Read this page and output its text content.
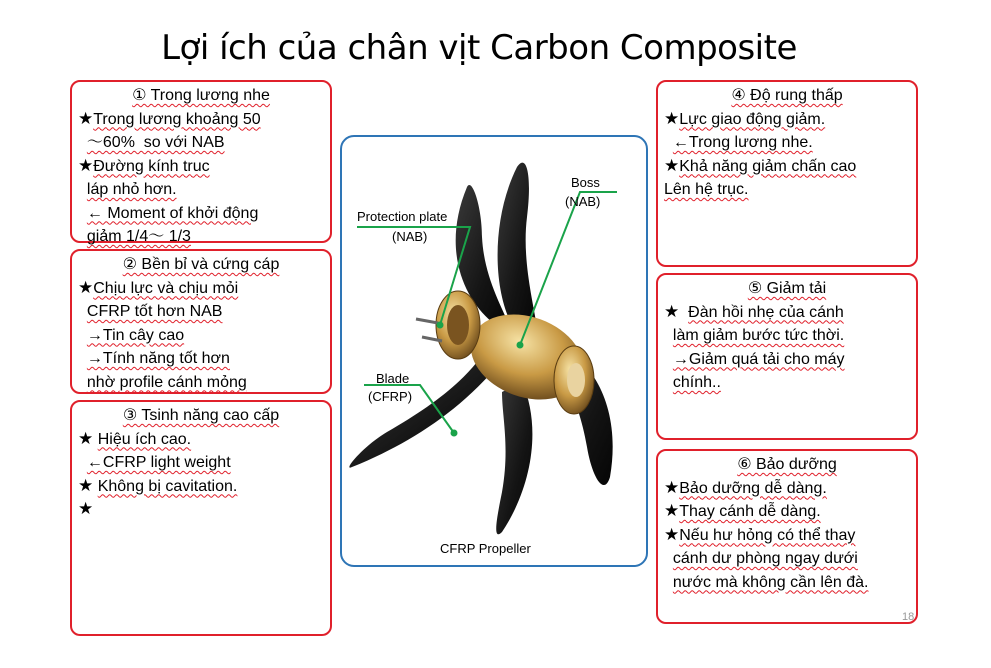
Lợi ích của chân vịt Carbon Composite
① Trong lương nhe
★Trong lương khoảng 50
～60%  so với NAB
★Đường kính truc
láp nhỏ hơn.
← Moment of khởi động
giảm 1/4～ 1/3
② Bền bỉ và cứng cáp
★Chịu lực và chịu mỏi
CFRP tốt hơn NAB
→Tin cây cao
→Tính năng tốt hơn
nhờ profile cánh mỏng
③ Tsinh năng cao cấp
★ Hiệu ích cao.
←CFRP light weight
★ Không bị cavitation.
★
④ Độ rung thấp
★Lực giao động giảm.
←Trong lương nhe.
★Khả năng giảm chấn cao
Lên hệ trục.
⑤ Giảm tải
★ Đàn hồi nhẹ của cánh
làm giảm bước tức thời.
→Giảm quá tải cho máy
chính..
⑥ Bảo dưỡng
★Bảo dưỡng dễ dàng.
★Thay cánh dễ dàng.
★Nếu hư hỏng có thể thay
cánh dư phòng ngay dưới
nước mà không cần lên đà.
Boss
(NAB)
Protection plate
(NAB)
Blade
(CFRP)
CFRP Propeller
18
